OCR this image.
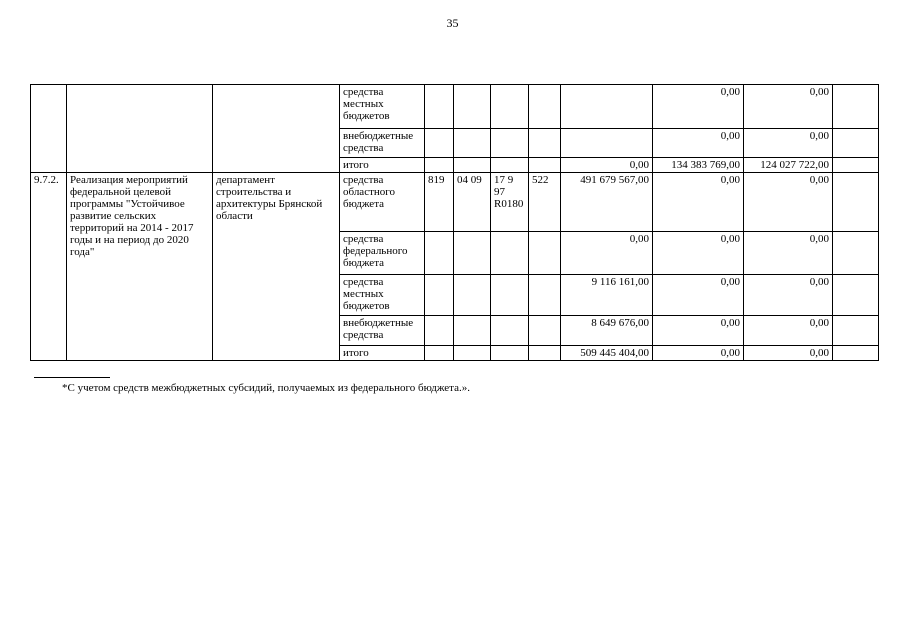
35
			средства местных бюджетов						0,00	0,00	
			внебюджетные средства						0,00	0,00	
			итого					0,00	134 383 769,00	124 027 722,00	
9.7.2.	Реализация мероприятий федеральной целевой программы "Устойчивое развитие сельских территорий на 2014 - 2017 годы и на период до 2020 года"	департамент строительства и архитектуры Брянской области	средства областного бюджета	819	04 09	17 9 97 R0180	522	491 679 567,00	0,00	0,00	
			средства федерального бюджета					0,00	0,00	0,00	
			средства местных бюджетов					9 116 161,00	0,00	0,00	
			внебюджетные средства					8 649 676,00	0,00	0,00	
			итого					509 445 404,00	0,00	0,00	
*С учетом средств межбюджетных субсидий, получаемых из федерального бюджета.».
